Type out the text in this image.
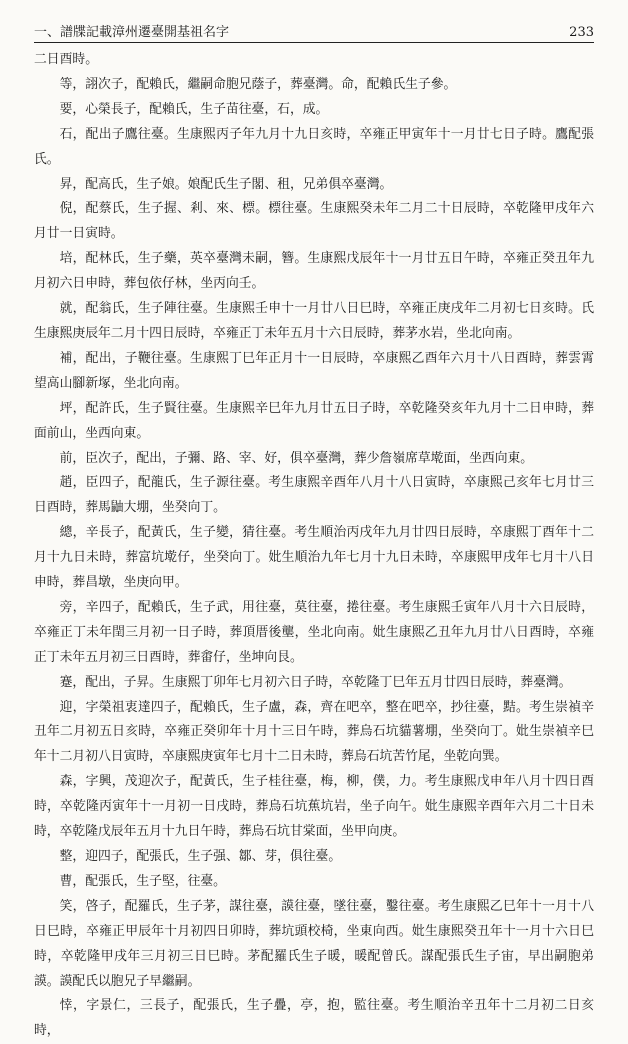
一、譜牒記載漳州遷臺開基祖名字	233

二日酉時。

等，詡次子，配賴氏，繼嗣命胞兄蔭子，葬臺灣。命，配賴氏生子參。

要，心榮長子，配賴氏，生子苗往臺，石，成。

石，配出子鷹往臺。生康熙丙子年九月十九日亥時，卒雍正甲寅年十一月廿七日子時。鷹配張氏。

昇，配高氏，生子娘。娘配氏生子閣、租，兄弟俱卒臺灣。

倪，配蔡氏，生子握、剎、來、標。標往臺。生康熙癸未年二月二十日辰時，卒乾隆甲戌年六月廿一日寅時。

培，配林氏，生子藥，英卒臺灣未嗣，簪。生康熙戊辰年十一月廿五日午時，卒雍正癸丑年九月初六日申時，葬包依仔林，坐丙向壬。

就，配翁氏，生子陣往臺。生康熙壬申十一月廿八日巳時，卒雍正庚戌年二月初七日亥時。氏生康熙庚辰年二月十四日辰時，卒雍正丁未年五月十六日辰時，葬茅水岩，坐北向南。

補，配出，子鞭往臺。生康熙丁巳年正月十一日辰時，卒康熙乙酉年六月十八日酉時，葬雲霄望高山腳新塚，坐北向南。

坪，配許氏，生子賢往臺。生康熙辛巳年九月廿五日子時，卒乾隆癸亥年九月十二日申時，葬面前山，坐西向東。

前，臣次子，配出，子彌、路、宰、好，俱卒臺灣，葬少詹嶺席草墘面，坐西向東。

趙，臣四子，配龍氏，生子源往臺。考生康熙辛酉年八月十八日寅時，卒康熙己亥年七月廿三日酉時，葬馬鼬大堋，坐癸向丁。

總，辛長子，配黃氏，生子變，猜往臺。考生順治丙戌年九月廿四日辰時，卒康熙丁酉年十二月十九日未時，葬富坑墘仔，坐癸向丁。妣生順治九年七月十九日未時，卒康熙甲戌年七月十八日申時，葬昌墩，坐庚向甲。

旁，辛四子，配賴氏，生子武，用往臺，莫往臺，捲往臺。考生康熙壬寅年八月十六日辰時，卒雍正丁未年閏三月初一日子時，葬頂厝後壟，坐北向南。妣生康熙乙丑年九月廿八日酉時，卒雍正丁未年五月初三日酉時，葬畬仔，坐坤向艮。

蹇，配出，子昇。生康熙丁卯年七月初六日子時，卒乾隆丁巳年五月廿四日辰時，葬臺灣。

迎，字榮祖衷達四子，配賴氏，生子盧，森，齊在吧卒，整在吧卒，抄往臺，黠。考生崇禎辛丑年二月初五日亥時，卒雍正癸卯年十月十三日午時，葬烏石坑貓薯堋，坐癸向丁。妣生崇禎辛巳年十二月初八日寅時，卒康熙庚寅年七月十二日未時，葬烏石坑苦竹尾，坐乾向巽。

森，字興，茂迎次子，配黃氏，生子桂往臺，梅，柳，僕，力。考生康熙戊申年八月十四日酉時，卒乾隆丙寅年十一月初一日戌時，葬烏石坑蕉坑岩，坐子向午。妣生康熙辛酉年六月二十日未時，卒乾隆戊辰年五月十九日午時，葬烏石坑甘棠面，坐甲向庚。

整，迎四子，配張氏，生子强、鄒、芽，俱往臺。

曹，配張氏，生子堅，往臺。

笑，啓子，配羅氏，生子茅，謀往臺，謨往臺，墜往臺，鑿往臺。考生康熙乙巳年十一月十八日巳時，卒雍正甲辰年十月初四日卯時，葬坑頭校椅，坐東向西。妣生康熙癸丑年十一月十六日巳時，卒乾隆甲戌年三月初三日巳時。茅配羅氏生子暖，暖配曾氏。謀配張氏生子宙，早出嗣胞弟謨。謨配氏以胞兄子早繼嗣。

悻，字景仁，三長子，配張氏，生子疊，亭，抱，監往臺。考生順治辛丑年十二月初二日亥時，
